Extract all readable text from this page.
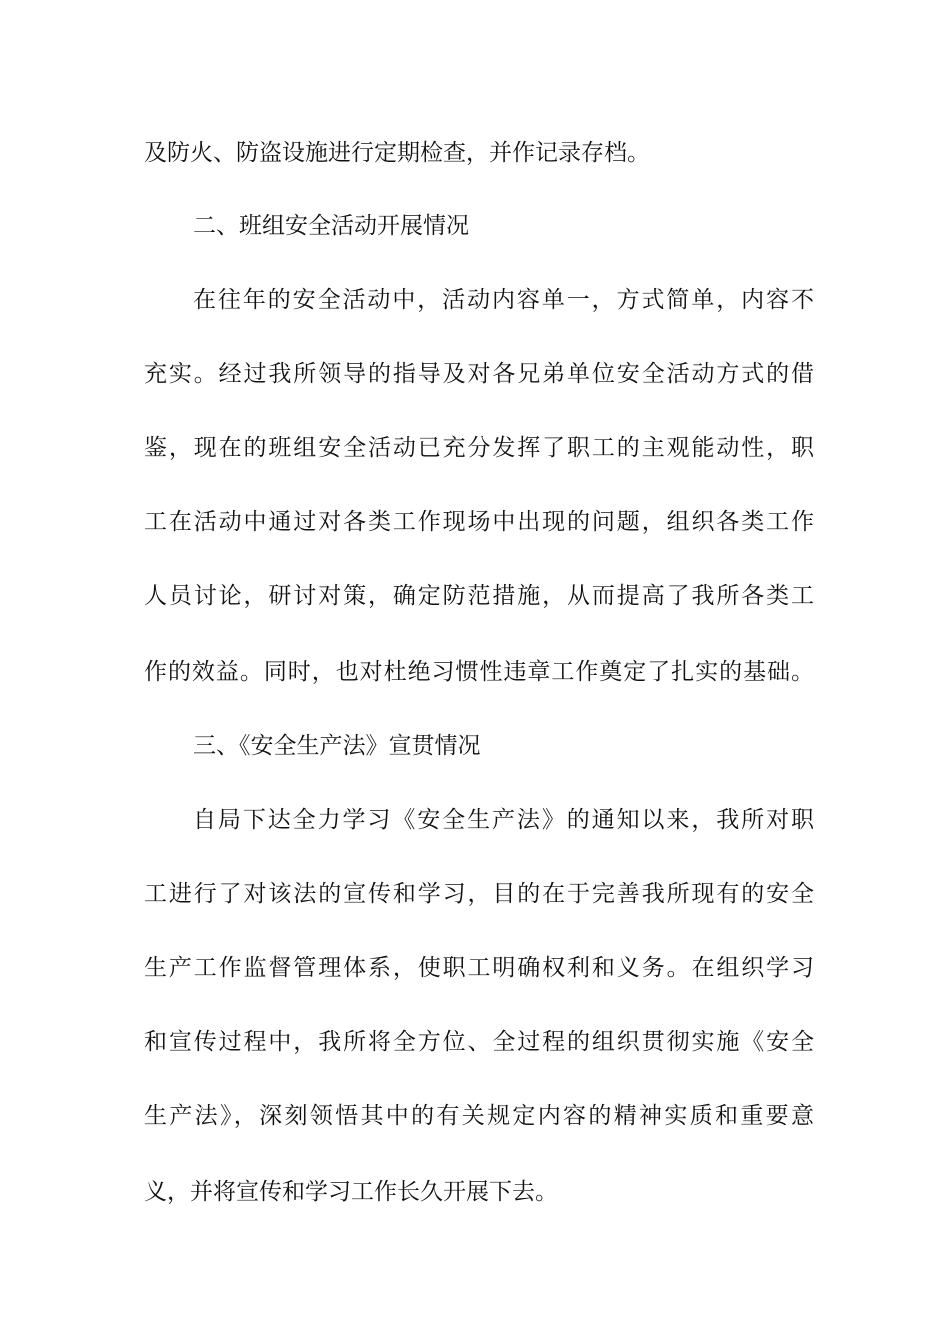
及防火、防盗设施进行定期检查，并作记录存档。
二、班组安全活动开展情况
在往年的安全活动中，活动内容单一，方式简单，内容不
充实。经过我所领导的指导及对各兄弟单位安全活动方式的借
鉴，现在的班组安全活动已充分发挥了职工的主观能动性，职
工在活动中通过对各类工作现场中出现的问题，组织各类工作
人员讨论，研讨对策，确定防范措施，从而提高了我所各类工
作的效益。同时，也对杜绝习惯性违章工作奠定了扎实的基础。
三、《安全生产法》宣贯情况
自局下达全力学习《安全生产法》的通知以来，我所对职
工进行了对该法的宣传和学习，目的在于完善我所现有的安全
生产工作监督管理体系，使职工明确权利和义务。在组织学习
和宣传过程中，我所将全方位、全过程的组织贯彻实施《安全
生产法》，深刻领悟其中的有关规定内容的精神实质和重要意
义，并将宣传和学习工作长久开展下去。
